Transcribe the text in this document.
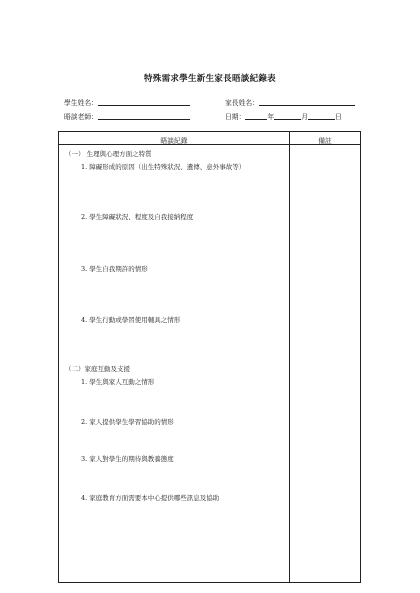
特殊需求學生新生家長晤談紀錄表
學生姓名：
晤談老師：
家長姓名：
日期：	年	月	日
晤談紀錄	備註
（一） 生理與心理方面之特質
1. 障礙形成的原因（出生特殊狀況、遺傳、意外事故等）
2. 學生障礙狀況、程度及自我接納程度
3. 學生自我期許的情形
4. 學生行動或學習使用輔具之情形
（二）家庭互動及支援
1. 學生與家人互動之情形
2. 家人提供學生學習協助的情形
3. 家人對學生的期待與教養態度
4. 家庭教育方面需要本中心提供哪些訊息及協助
